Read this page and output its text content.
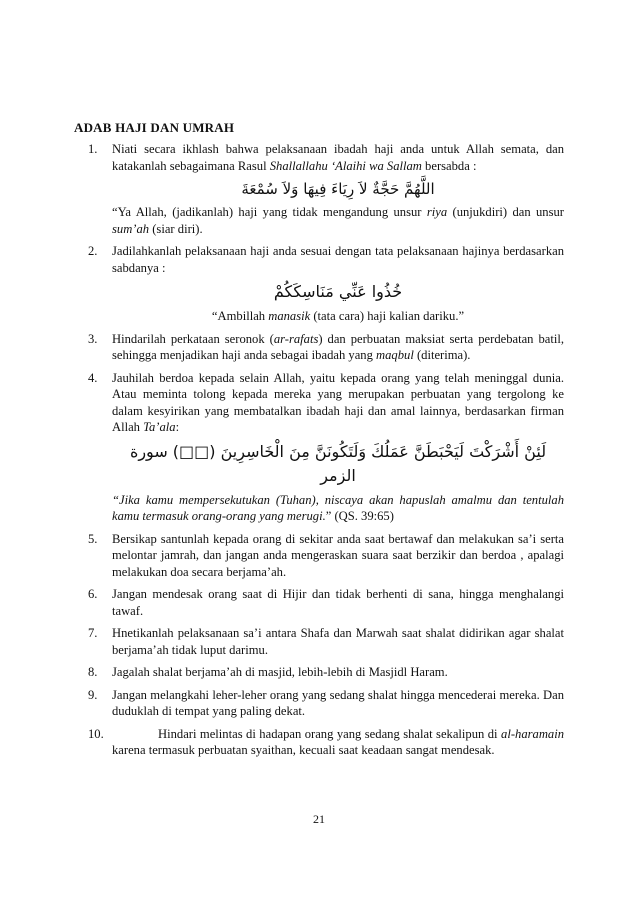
ADAB HAJI DAN UMRAH
1. Niati secara ikhlash bahwa pelaksanaan ibadah haji anda untuk Allah semata, dan katakanlah sebagaimana Rasul Shallallahu ‘Alaihi wa Sallam bersabda :
اللَّهُمَّ حَجَّةٌ لاَ رِيَاءَ فِيهَا وَلاَ سُمْعَةَ
“Ya Allah, (jadikanlah) haji yang tidak mengandung unsur riya (unjukdiri) dan unsur sum’ah (siar diri).
2. Jadilahkanlah pelaksanaan haji anda sesuai dengan tata pelaksanaan hajinya berdasarkan sabdanya :
خُذُوا عَنِّي مَنَاسِكَكُمْ
“Ambillah manasik (tata cara) haji kalian dariku.”
3. Hindarilah perkataan seronok (ar-rafats) dan perbuatan maksiat serta perdebatan batil, sehingga menjadikan haji anda sebagai ibadah yang maqbul (diterima).
4. Jauhilah berdoa kepada selain Allah, yaitu kepada orang yang telah meninggal dunia. Atau meminta tolong kepada mereka yang merupakan perbuatan yang tergolong ke dalam kesyirikan yang membatalkan ibadah haji dan amal lainnya, berdasarkan firman Allah Ta’ala:
لَئِنْ أَشْرَكْتَ لَيَحْبَطَنَّ عَمَلُكَ وَلَتَكُونَنَّ مِنَ الْخَاسِرِينَ (□□) سورة الزمر
“Jika kamu mempersekutukan (Tuhan), niscaya akan hapuslah amalmu dan tentulah kamu termasuk orang-orang yang merugi.” (QS. 39:65)
5. Bersikap santunlah kepada orang di sekitar anda saat bertawaf dan melakukan sa’i serta melontar jamrah, dan jangan anda mengeraskan suara saat berzikir dan berdoa , apalagi melakukan doa secara berjama’ah.
6. Jangan mendesak orang saat di Hijir dan tidak berhenti di sana, hingga menghalangi tawaf.
7. Hnetikanlah pelaksanaan sa’i antara Shafa dan Marwah saat shalat didirikan agar shalat berjama’ah tidak luput darimu.
8. Jagalah shalat berjama’ah di masjid, lebih-lebih di Masjidl Haram.
9. Jangan melangkahi leher-leher orang yang sedang shalat hingga mencederai mereka. Dan duduklah di tempat yang paling dekat.
10.	Hindari melintas di hadapan orang yang sedang shalat sekalipun di al-haramain karena termasuk perbuatan syaithan, kecuali saat keadaan sangat mendesak.
21
